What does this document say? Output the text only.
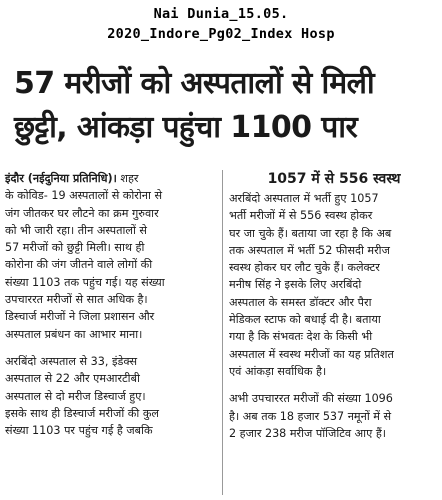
Nai Dunia_15.05.
2020_Indore_Pg02_Index Hosp
57 मरीजों को अस्पतालों से मिली
छुट्टी, आंकड़ा पहुंचा 1100 पार
इंदौर (नईदुनिया प्रतिनिधि)। शहर
के कोविड- 19 अस्पतालों से कोरोना से
जंग जीतकर घर लौटने का क्रम गुरुवार
को भी जारी रहा। तीन अस्पतालों से
57 मरीजों को छुट्टी मिली। साथ ही
कोरोना की जंग जीतने वाले लोगों की
संख्या 1103 तक पहुंच गई। यह संख्या
उपचाररत मरीजों से सात अधिक है।
डिस्चार्ज मरीजों ने जिला प्रशासन और
अस्पताल प्रबंधन का आभार माना।
अरबिंदो अस्पताल से 33, इंडेक्स
अस्पताल से 22 और एमआरटीबी
अस्पताल से दो मरीज डिस्चार्ज हुए।
इसके साथ ही डिस्चार्ज मरीजों की कुल
संख्या 1103 पर पहुंच गई है जबकि
1057 में से 556 स्वस्थ
अरबिंदो अस्पताल में भर्ती हुए 1057
भर्ती मरीजों में से 556 स्वस्थ होकर
घर जा चुके हैं। बताया जा रहा है कि अब
तक अस्पताल में भर्ती 52 फीसदी मरीज
स्वस्थ होकर घर लौट चुके हैं। कलेक्टर
मनीष सिंह ने इसके लिए अरबिंदो
अस्पताल के समस्त डॉक्टर और पैरा
मेडिकल स्टाफ को बधाई दी है। बताया
गया है कि संभवतः देश के किसी भी
अस्पताल में स्वस्थ मरीजों का यह प्रतिशत
एवं आंकड़ा सर्वाधिक है।
अभी उपचाररत मरीजों की संख्या 1096
है। अब तक 18 हजार 537 नमूनों में से
2 हजार 238 मरीज पॉजिटिव आए हैं।
